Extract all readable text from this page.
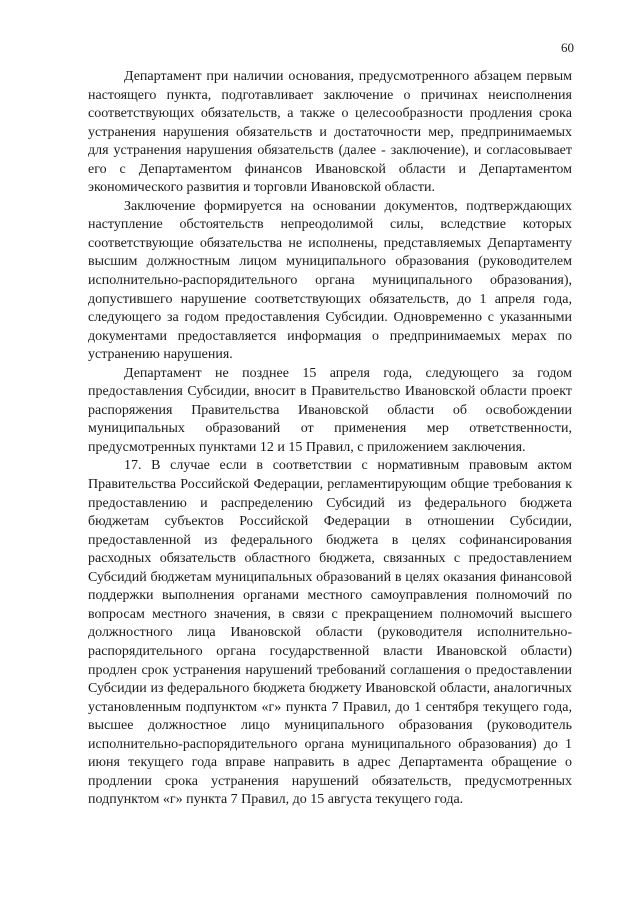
60

Департамент при наличии основания, предусмотренного абзацем первым настоящего пункта, подготавливает заключение о причинах неисполнения соответствующих обязательств, а также о целесообразности продления срока устранения нарушения обязательств и достаточности мер, предпринимаемых для устранения нарушения обязательств (далее - заключение), и согласовывает его с Департаментом финансов Ивановской области и Департаментом экономического развития и торговли Ивановской области.

Заключение формируется на основании документов, подтверждающих наступление обстоятельств непреодолимой силы, вследствие которых соответствующие обязательства не исполнены, представляемых Департаменту высшим должностным лицом муниципального образования (руководителем исполнительно-распорядительного органа муниципального образования), допустившего нарушение соответствующих обязательств, до 1 апреля года, следующего за годом предоставления Субсидии. Одновременно с указанными документами предоставляется информация о предпринимаемых мерах по устранению нарушения.

Департамент не позднее 15 апреля года, следующего за годом предоставления Субсидии, вносит в Правительство Ивановской области проект распоряжения Правительства Ивановской области об освобождении муниципальных образований от применения мер ответственности, предусмотренных пунктами 12 и 15 Правил, с приложением заключения.

17. В случае если в соответствии с нормативным правовым актом Правительства Российской Федерации, регламентирующим общие требования к предоставлению и распределению Субсидий из федерального бюджета бюджетам субъектов Российской Федерации в отношении Субсидии, предоставленной из федерального бюджета в целях софинансирования расходных обязательств областного бюджета, связанных с предоставлением Субсидий бюджетам муниципальных образований в целях оказания финансовой поддержки выполнения органами местного самоуправления полномочий по вопросам местного значения, в связи с прекращением полномочий высшего должностного лица Ивановской области (руководителя исполнительно-распорядительного органа государственной власти Ивановской области) продлен срок устранения нарушений требований соглашения о предоставлении Субсидии из федерального бюджета бюджету Ивановской области, аналогичных установленным подпунктом «г» пункта 7 Правил, до 1 сентября текущего года, высшее должностное лицо муниципального образования (руководитель исполнительно-распорядительного органа муниципального образования) до 1 июня текущего года вправе направить в адрес Департамента обращение о продлении срока устранения нарушений обязательств, предусмотренных подпунктом «г» пункта 7 Правил, до 15 августа текущего года.
